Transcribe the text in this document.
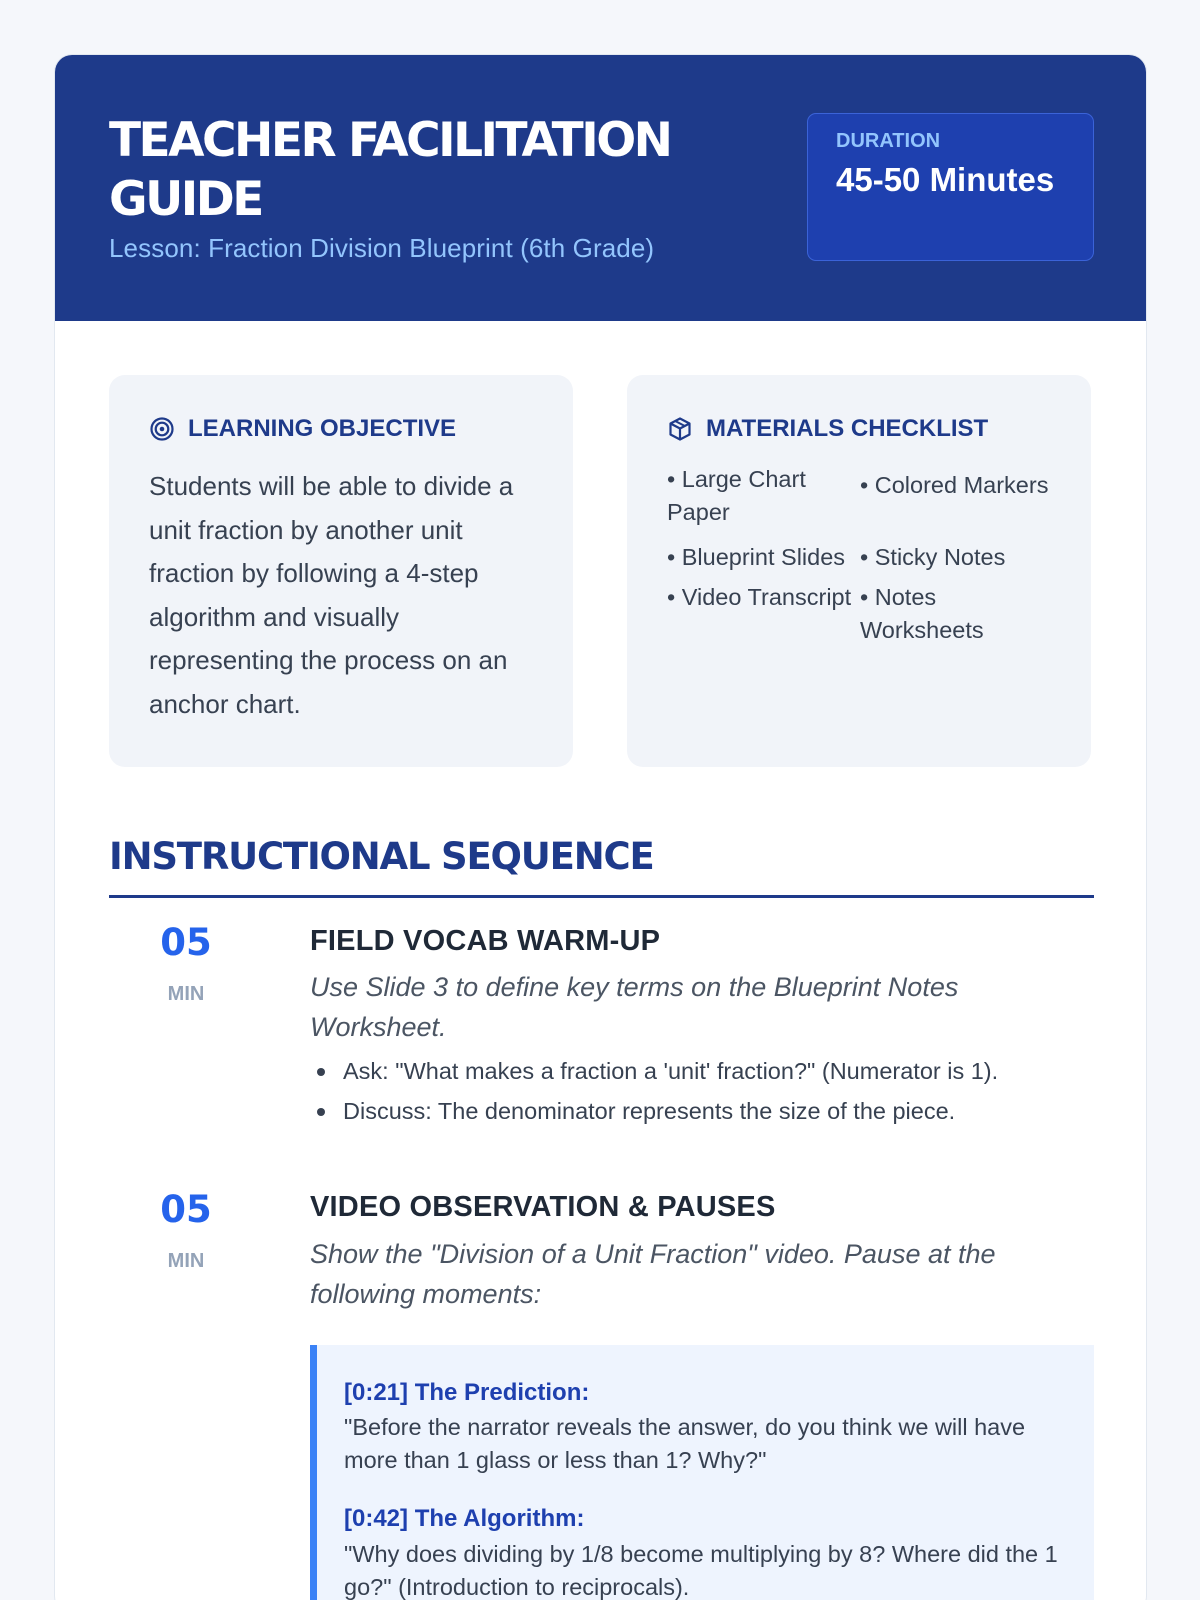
TEACHER FACILITATION GUIDE
Lesson: Fraction Division Blueprint (6th Grade)
DURATION
45-50 Minutes
LEARNING OBJECTIVE
Students will be able to divide a unit fraction by another unit fraction by following a 4-step algorithm and visually representing the process on an anchor chart.
MATERIALS CHECKLIST
• Large Chart Paper
• Colored Markers
• Blueprint Slides • Sticky Notes
• Video Transcript • Notes Worksheets
INSTRUCTIONAL SEQUENCE
05
MIN
FIELD VOCAB WARM-UP
Use Slide 3 to define key terms on the Blueprint Notes Worksheet.
Ask: "What makes a fraction a 'unit' fraction?" (Numerator is 1).
Discuss: The denominator represents the size of the piece.
05
MIN
VIDEO OBSERVATION & PAUSES
Show the "Division of a Unit Fraction" video. Pause at the following moments:
[0:21] The Prediction:
"Before the narrator reveals the answer, do you think we will have more than 1 glass or less than 1? Why?"
[0:42] The Algorithm:
"Why does dividing by 1/8 become multiplying by 8? Where did the 1 go?" (Introduction to reciprocals).
